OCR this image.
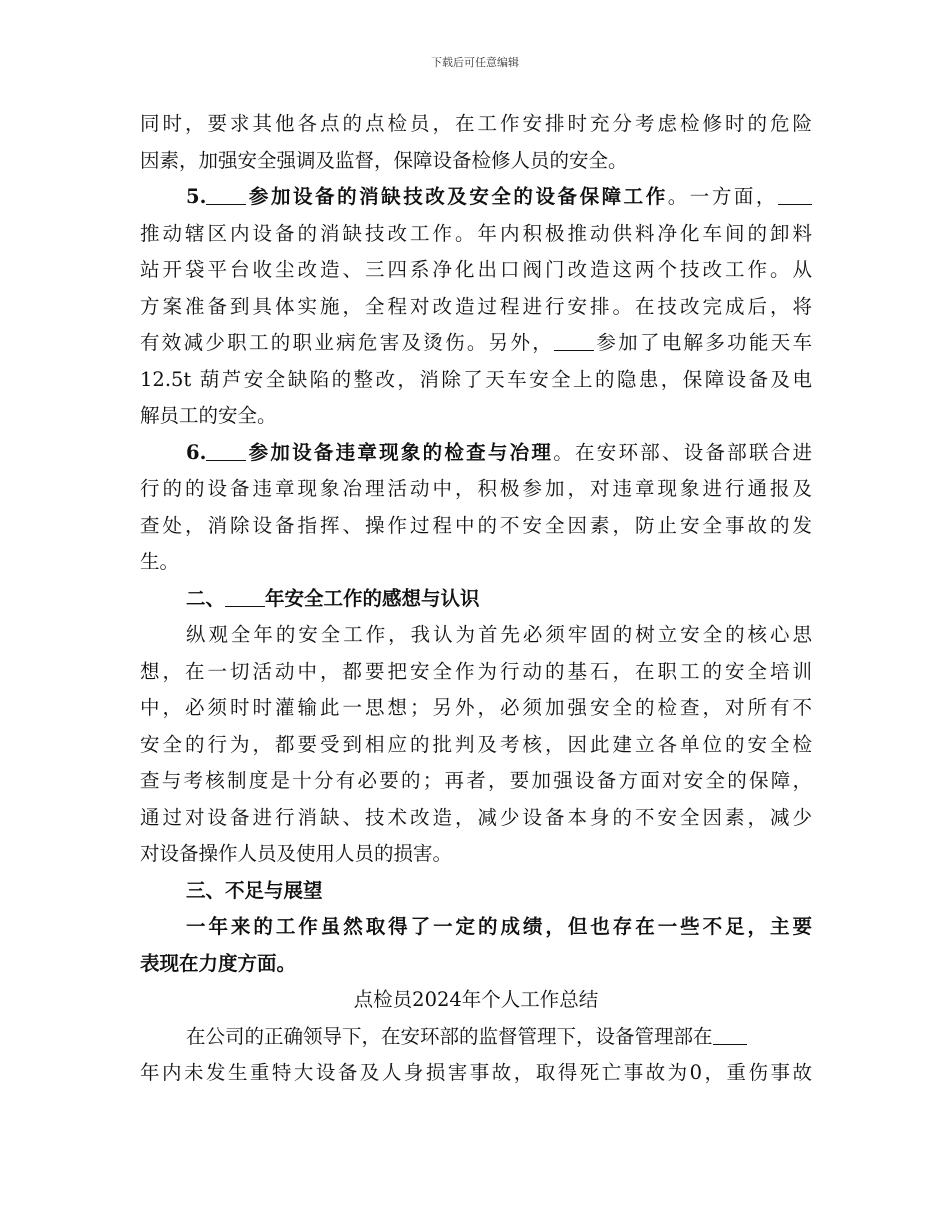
下载后可任意编辑
同时，要求其他各点的点检员，在工作安排时充分考虑检修时的危险
因素，加强安全强调及监督，保障设备检修人员的安全。
5. 参加设备的消缺技改及安全的设备保障工作。一方面，
推动辖区内设备的消缺技改工作。年内积极推动供料净化车间的卸料
站开袋平台收尘改造、三四系净化出口阀门改造这两个技改工作。从
方案准备到具体实施，全程对改造过程进行安排。在技改完成后，将
有效减少职工的职业病危害及烫伤。另外， 参加了电解多功能天车
12.5t 葫芦安全缺陷的整改，消除了天车安全上的隐患，保障设备及电
解员工的安全。
6. 参加设备违章现象的检查与冶理。在安环部、设备部联合进
行的的设备违章现象冶理活动中，积极参加，对违章现象进行通报及
查处，消除设备指挥、操作过程中的不安全因素，防止安全事故的发
生。
二、 年安全工作的感想与认识
纵观全年的安全工作，我认为首先必须牢固的树立安全的核心思
想，在一切活动中，都要把安全作为行动的基石，在职工的安全培训
中，必须时时灌输此一思想；另外，必须加强安全的检查，对所有不
安全的行为，都要受到相应的批判及考核，因此建立各单位的安全检
查与考核制度是十分有必要的；再者，要加强设备方面对安全的保障，
通过对设备进行消缺、技术改造，减少设备本身的不安全因素，减少
对设备操作人员及使用人员的损害。
三、不足与展望
一年来的工作虽然取得了一定的成绩，但也存在一些不足，主要
表现在力度方面。
点检员2024年个人工作总结
在公司的正确领导下，在安环部的监督管理下，设备管理部在
年内未发生重特大设备及人身损害事故，取得死亡事故为0，重伤事故
